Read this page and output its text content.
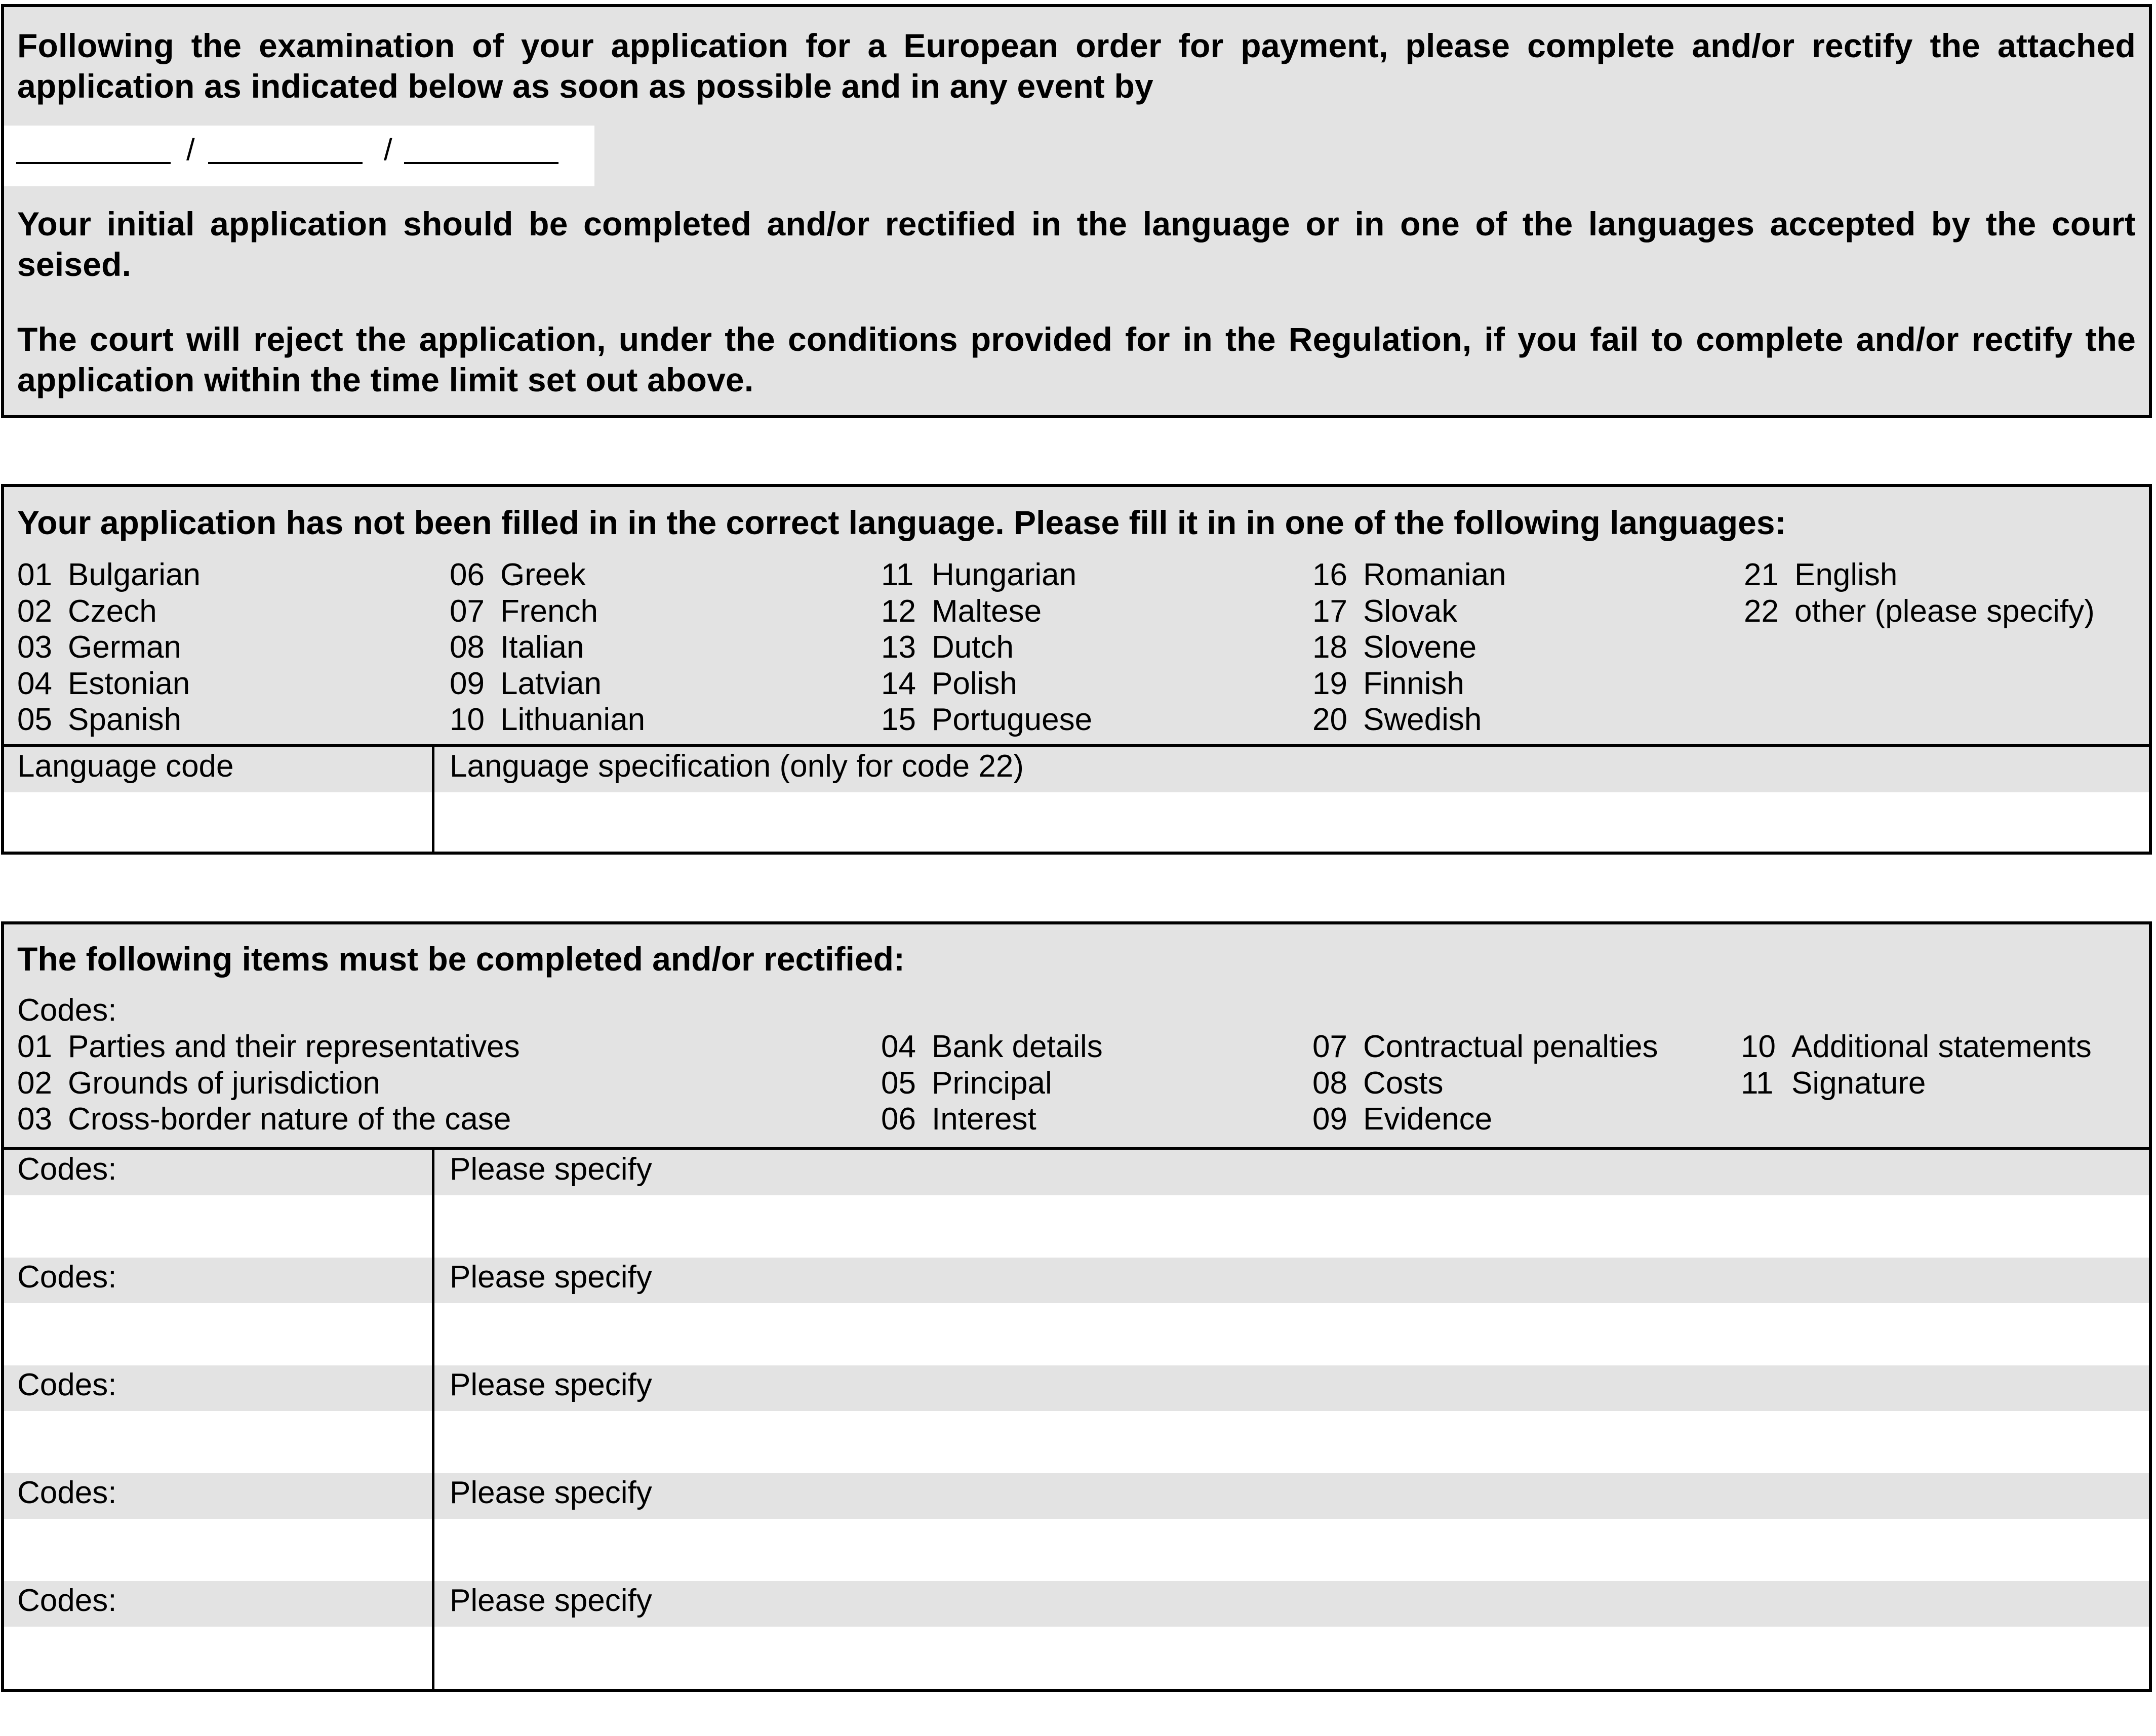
Following the examination of your application for a European order for payment, please complete and/or rectify the attached application as indicated below as soon as possible and in any event by
/	/
Your initial application should be completed and/or rectified in the language or in one of the languages accepted by the court seised.
The court will reject the application, under the conditions provided for in the Regulation, if you fail to complete and/or rectify the application within the time limit set out above.
Your application has not been filled in in the correct language. Please fill it in in one of the following languages:
01 Bulgarian
02 Czech
03 German
04 Estonian
05 Spanish
06 Greek
07 French
08 Italian
09 Latvian
10 Lithuanian
11 Hungarian
12 Maltese
13 Dutch
14 Polish
15 Portuguese
16 Romanian
17 Slovak
18 Slovene
19 Finnish
20 Swedish
21 English
22 other (please specify)
Language code	Language specification (only for code 22)
The following items must be completed and/or rectified:
Codes:
01 Parties and their representatives
02 Grounds of jurisdiction
03 Cross-border nature of the case
04 Bank details
05 Principal
06 Interest
07 Contractual penalties
08 Costs
09 Evidence
10 Additional statements
11 Signature
Codes:	Please specify
Codes:	Please specify
Codes:	Please specify
Codes:	Please specify
Codes:	Please specify
